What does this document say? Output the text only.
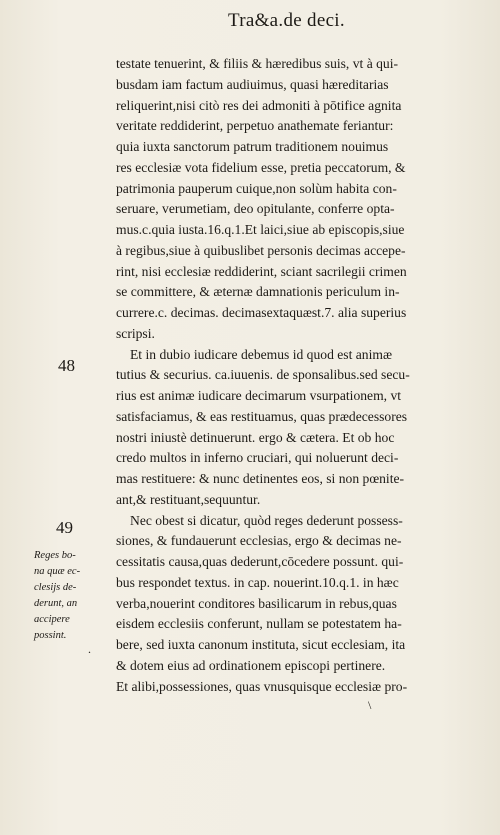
Tra&a.de deci.
testate tenuerint, & filiis & hæredibus suis, vt à qui-
busdam iam factum audiuimus, quasi hæreditarias
reliquerint,nisi citò res dei admoniti à pōtifice agnita
veritate reddiderint, perpetuo anathemate feriantur:
quia iuxta sanctorum patrum traditionem nouimus
res ecclesiæ vota fidelium esse, pretia peccatorum, &
patrimonia pauperum cuique,non solùm habita con-
seruare, verumetiam, deo opitulante, conferre opta-
mus.c.quia iusta.16.q.1.Et laici,siue ab episcopis,siue
à regibus,siue à quibuslibet personis decimas accepe-
rint, nisi ecclesiæ reddiderint, sciant sacrilegii crimen
se committere, & æternæ damnationis periculum in-
currere.c. decimas. decimasextaquæst.7. alia superius
scripsi.
Et in dubio iudicare debemus id quod est animæ
tutius & securius. ca.iuuenis. de sponsalibus.sed secu-
rius est animæ iudicare decimarum vsurpationem, vt
satisfaciamus, & eas restituamus, quas prædecessores
nostri iniustè detinuerunt. ergo & cætera. Et ob hoc
credo multos in inferno cruciari, qui noluerunt deci-
mas restituere: & nunc detinentes eos, si non pœnite-
ant,& restituant,sequuntur.
Nec obest si dicatur, quòd reges dederunt possess-
siones, & fundauerunt ecclesias, ergo & decimas ne-
cessitatis causa,quas dederunt,cōcedere possunt. qui-
bus respondet textus. in cap. nouerint.10.q.1. in hæc
verba,nouerint conditores basilicarum in rebus,quas
eisdem ecclesiis conferunt, nullam se potestatem ha-
bere, sed iuxta canonum instituta, sicut ecclesiam, ita
& dotem eius ad ordinationem episcopi pertinere.
Et alibi,possessiones, quas vnusquisque ecclesiæ pro-
48
49
Reges bo-
na quæ ec-
clesijs de-
derunt, an
accipere
possint.
.
\
